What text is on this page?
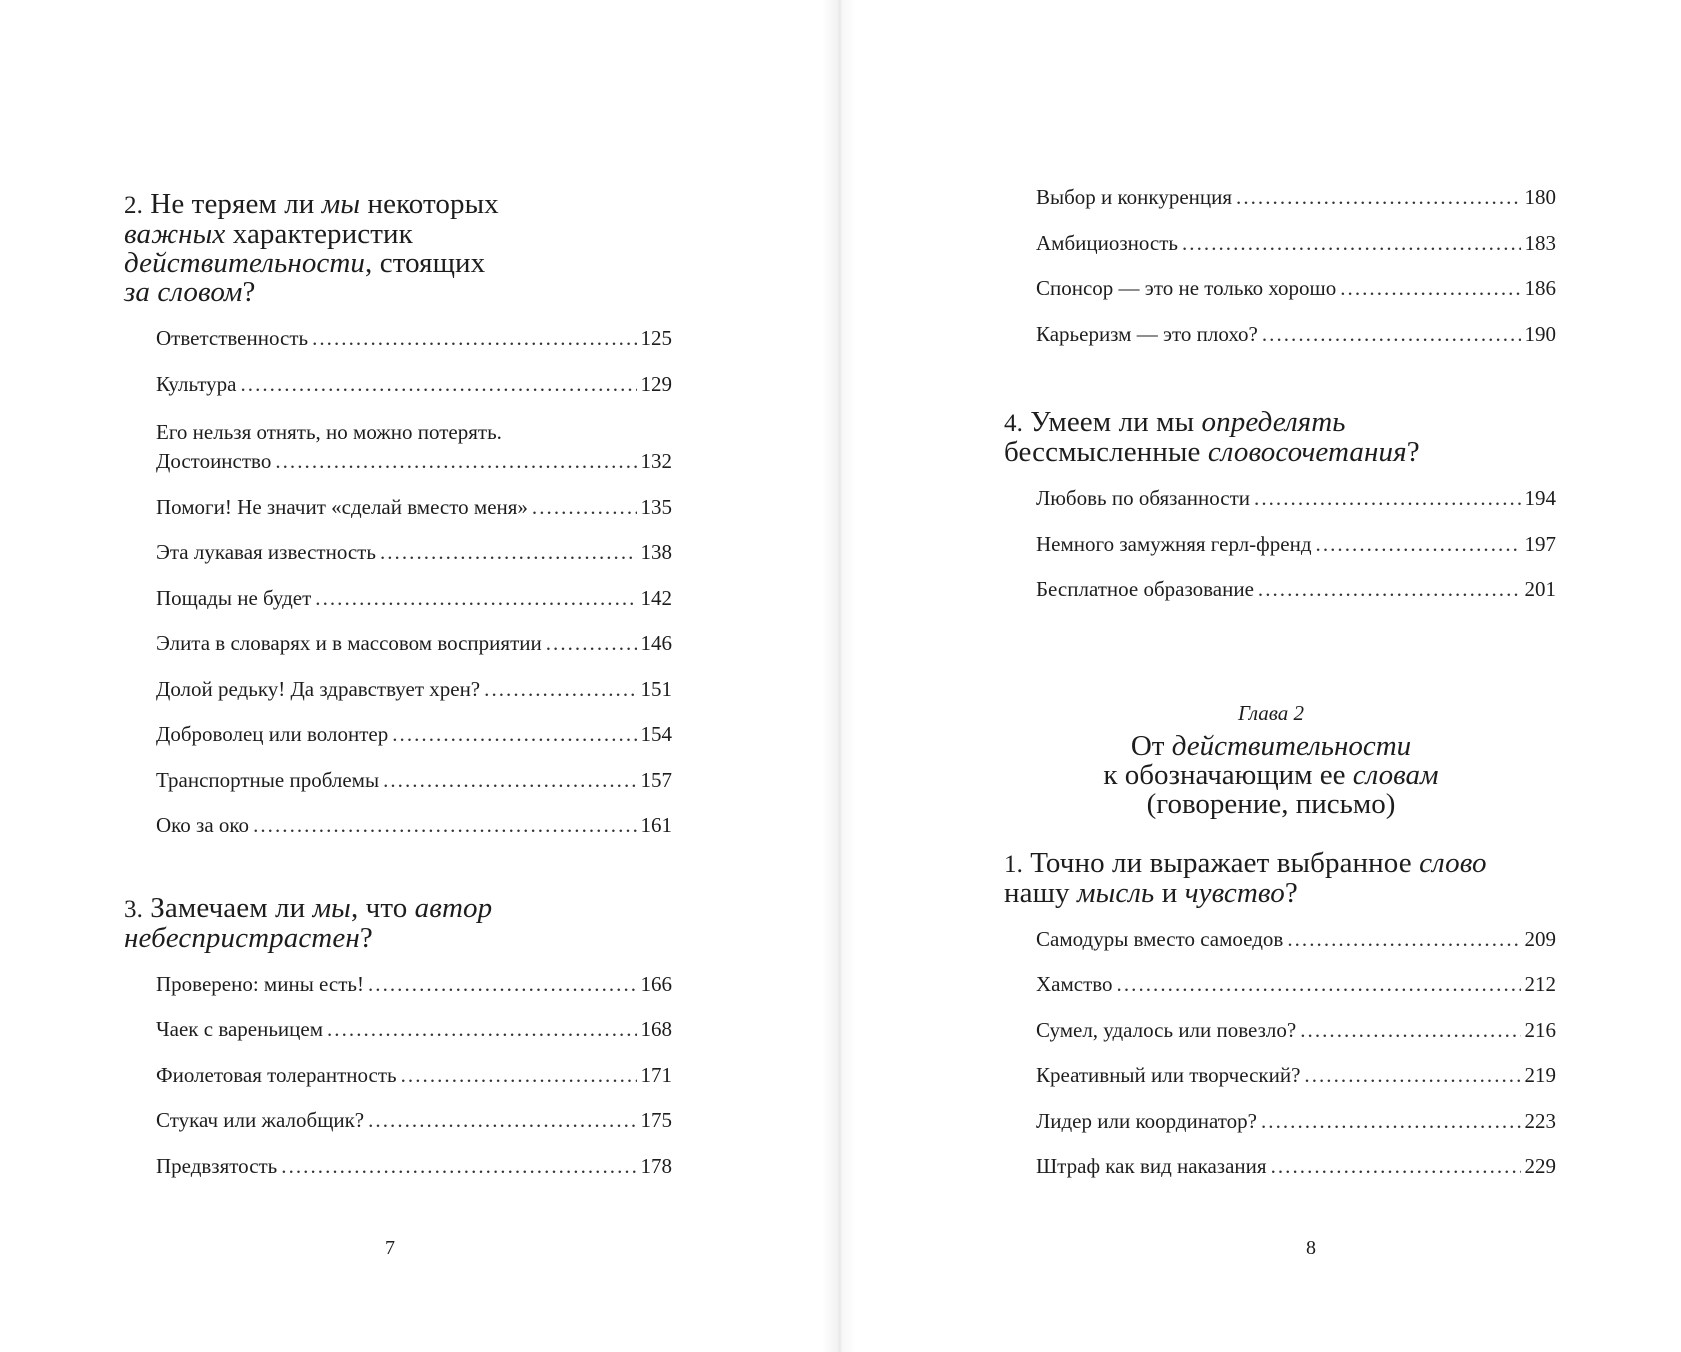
2. Не теряем ли мы некоторых
важных характеристик
действительности, стоящих
за словом?
Ответственность . . .	125
Культура . . .	129
Его нельзя отнять, но можно потерять.
Достоинство . . .	132
Помоги! Не значит «сделай вместо меня» . . .	135
Эта лукавая известность . . .	138
Пощады не будет . . .	142
Элита в словарях и в массовом восприятии . . .	146
Долой редьку! Да здравствует хрен? . . .	151
Доброволец или волонтер . . .	154
Транспортные проблемы . . .	157
Око за око . . .	161
3. Замечаем ли мы, что автор
небеспристрастен?
Проверено: мины есть! . . .	166
Чаек с вареньицем . . .	168
Фиолетовая толерантность . . .	171
Стукач или жалобщик? . . .	175
Предвзятость . . .	178
7
Выбор и конкуренция . . .	180
Амбициозность . . .	183
Спонсор — это не только хорошо . . .	186
Карьеризм — это плохо? . . .	190
4. Умеем ли мы определять
бессмысленные словосочетания?
Любовь по обязанности . . .	194
Немного замужняя герл-френд . . .	197
Бесплатное образование . . .	201
Глава 2
От действительности
к обозначающим ее словам
(говорение, письмо)
1. Точно ли выражает выбранное слово
нашу мысль и чувство?
Самодуры вместо самоедов . . .	209
Хамство . . .	212
Сумел, удалось или повезло? . . .	216
Креативный или творческий? . . .	219
Лидер или координатор? . . .	223
Штраф как вид наказания . . .	229
8
